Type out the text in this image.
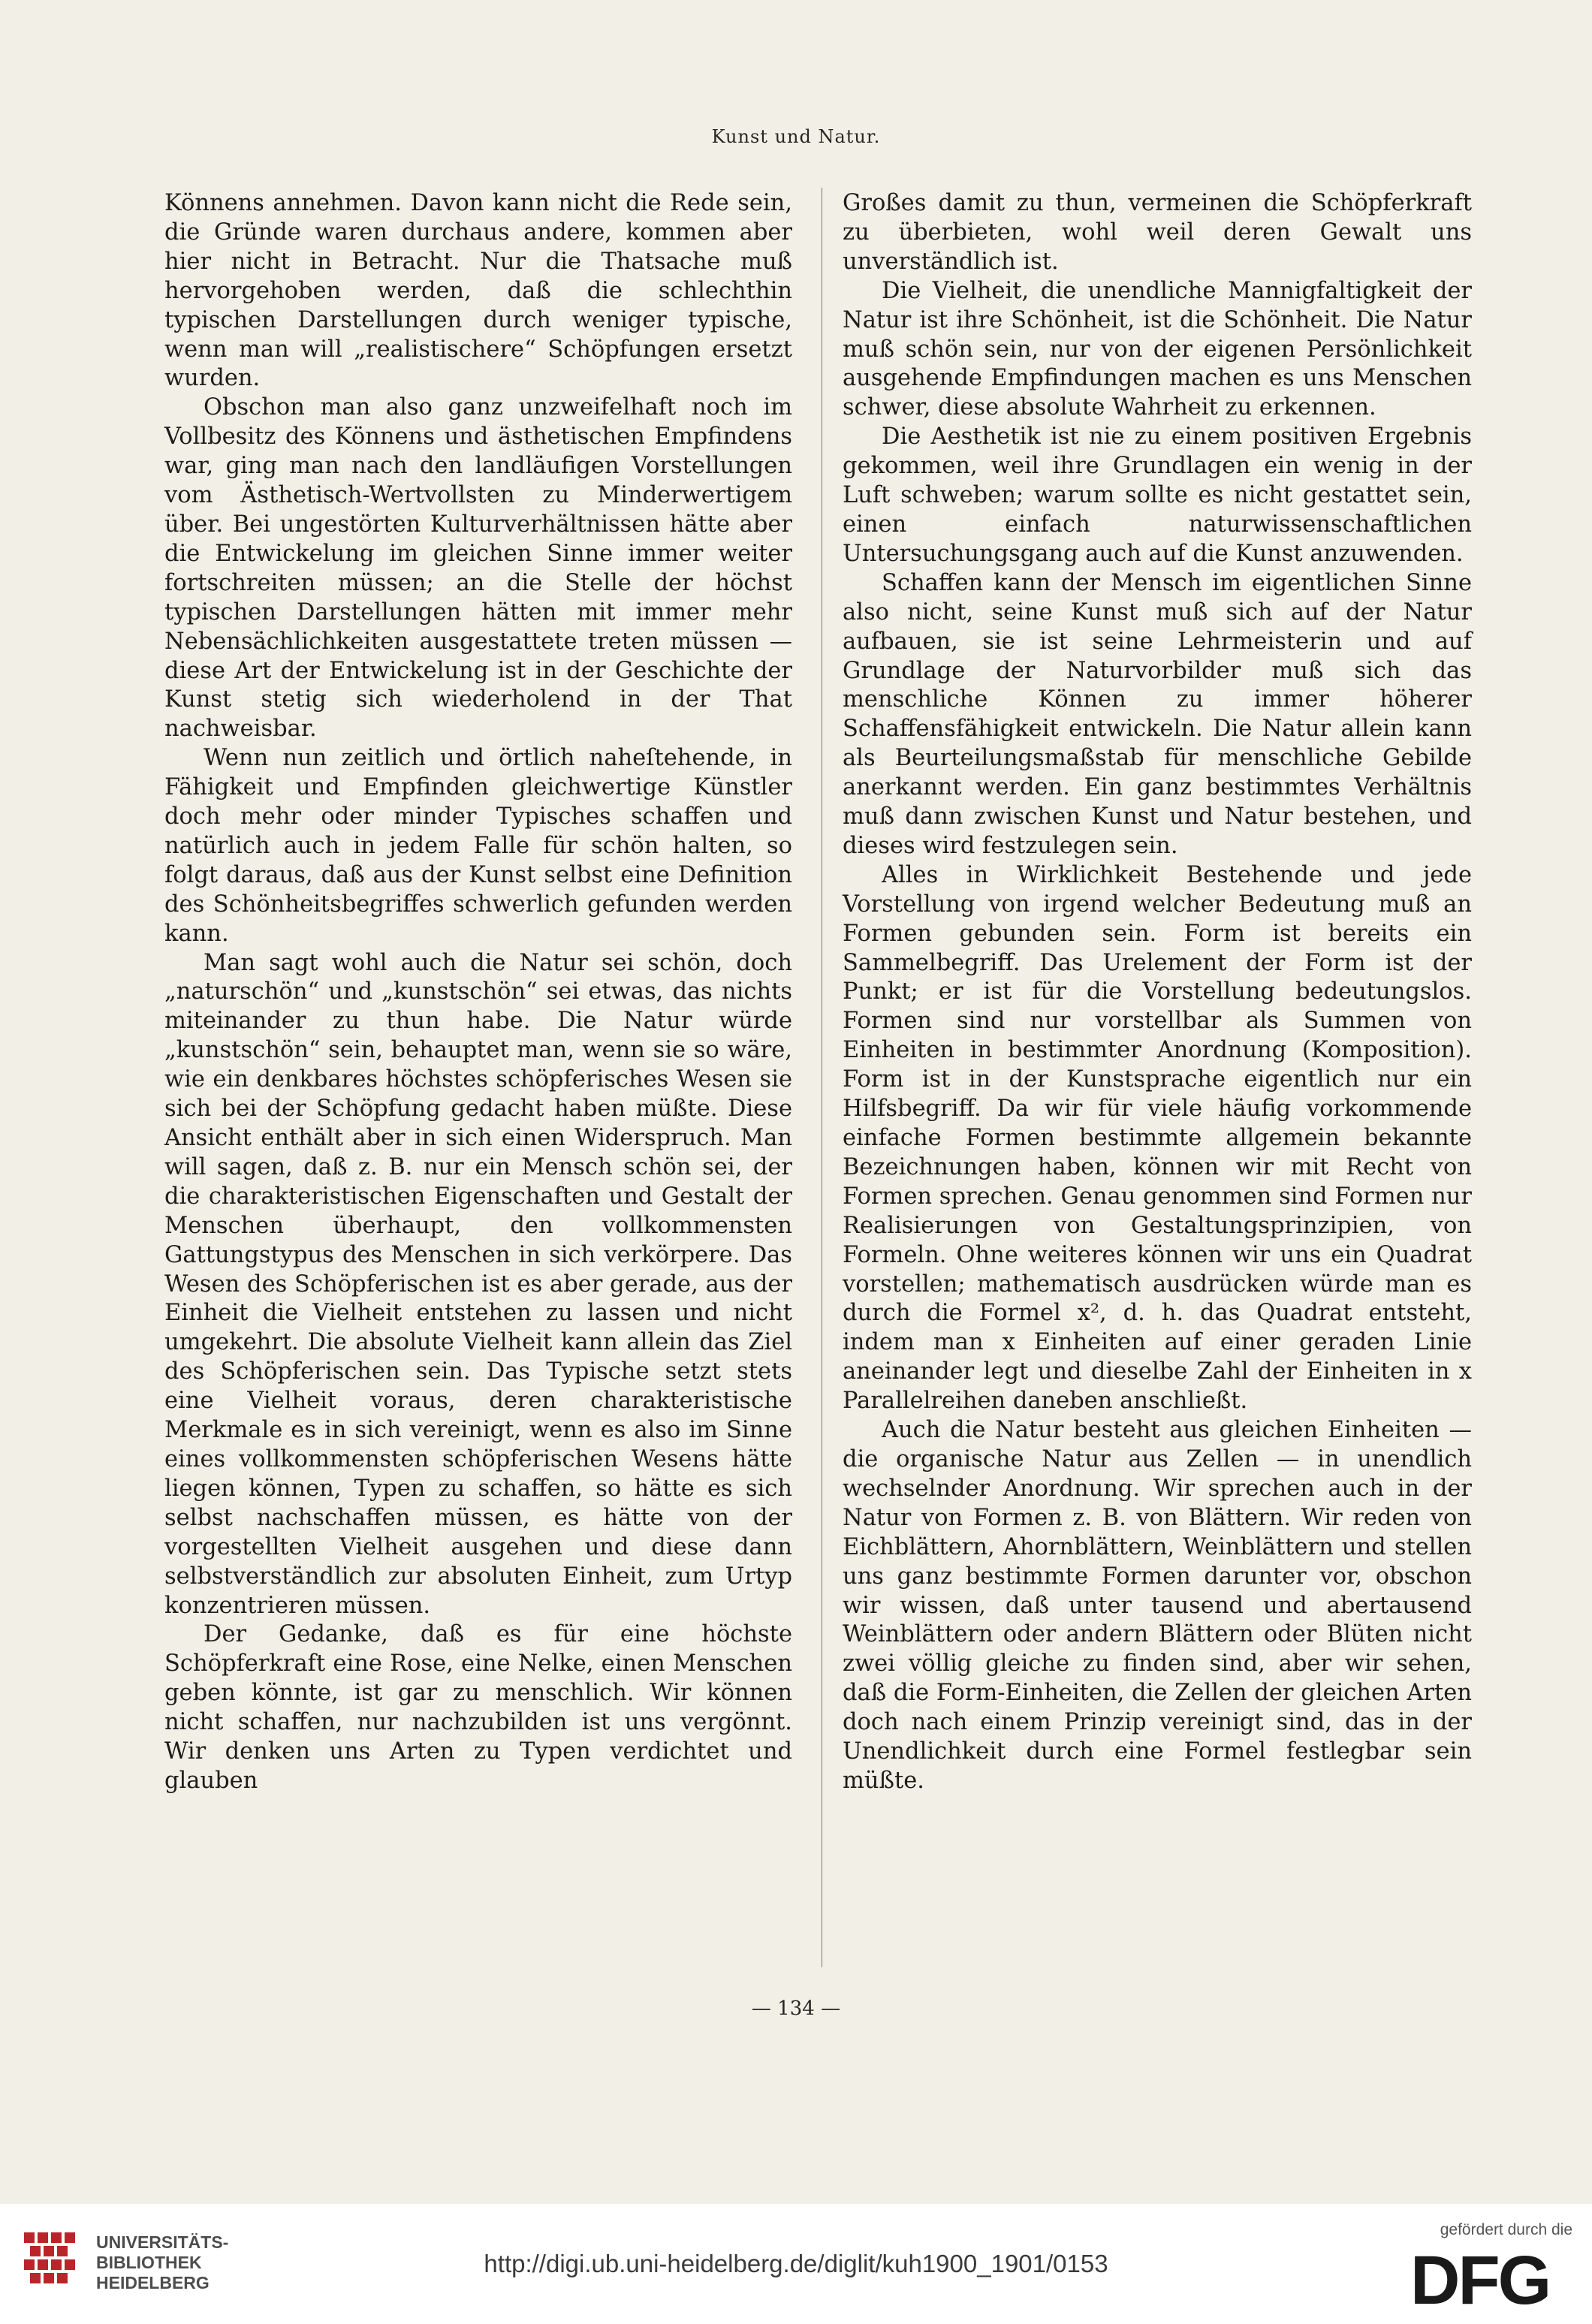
Kunst und Natur.

Könnens annehmen. Davon kann nicht die Rede sein, die Gründe waren durchaus andere, kommen aber hier nicht in Betracht. Nur die Thatsache muß hervorgehoben werden, daß die schlechthin typischen Darstellungen durch weniger typische, wenn man will „realistischere“ Schöpfungen ersetzt wurden.

Obschon man also ganz unzweifelhaft noch im Vollbesitz des Könnens und ästhetischen Empfindens war, ging man nach den landläufigen Vorstellungen vom Ästhetisch-Wertvollsten zu Minderwertigem über. Bei ungestörten Kulturverhältnissen hätte aber die Entwickelung im gleichen Sinne immer weiter fortschreiten müssen; an die Stelle der höchst typischen Darstellungen hätten mit immer mehr Nebensächlichkeiten ausgestattete treten müssen — diese Art der Entwickelung ist in der Geschichte der Kunst stetig sich wiederholend in der That nachweisbar.

Wenn nun zeitlich und örtlich naheſtehende, in Fähigkeit und Empfinden gleichwertige Künstler doch mehr oder minder Typisches schaffen und natürlich auch in jedem Falle für schön halten, so folgt daraus, daß aus der Kunst selbst eine Definition des Schönheitsbegriffes schwerlich gefunden werden kann.

Man sagt wohl auch die Natur sei schön, doch „naturschön“ und „kunstschön“ sei etwas, das nichts miteinander zu thun habe. Die Natur würde „kunstschön“ sein, behauptet man, wenn sie so wäre, wie ein denkbares höchstes schöpferisches Wesen sie sich bei der Schöpfung gedacht haben müßte. Diese Ansicht enthält aber in sich einen Widerspruch. Man will sagen, daß z. B. nur ein Mensch schön sei, der die charakteristischen Eigenschaften und Gestalt der Menschen überhaupt, den vollkommensten Gattungstypus des Menschen in sich verkörpere. Das Wesen des Schöpferischen ist es aber gerade, aus der Einheit die Vielheit entstehen zu lassen und nicht umgekehrt. Die absolute Vielheit kann allein das Ziel des Schöpferischen sein. Das Typische setzt stets eine Vielheit voraus, deren charakteristische Merkmale es in sich vereinigt, wenn es also im Sinne eines vollkommensten schöpferischen Wesens hätte liegen können, Typen zu schaffen, so hätte es sich selbst nachschaffen müssen, es hätte von der vorgestellten Vielheit ausgehen und diese dann selbstverständlich zur absoluten Einheit, zum Urtyp konzentrieren müssen.

Der Gedanke, daß es für eine höchste Schöpferkraft eine Rose, eine Nelke, einen Menschen geben könnte, ist gar zu menschlich. Wir können nicht schaffen, nur nachzubilden ist uns vergönnt. Wir denken uns Arten zu Typen verdichtet und glauben

Großes damit zu thun, vermeinen die Schöpferkraft zu überbieten, wohl weil deren Gewalt uns unverständlich ist.

Die Vielheit, die unendliche Mannigfaltigkeit der Natur ist ihre Schönheit, ist die Schönheit. Die Natur muß schön sein, nur von der eigenen Persönlichkeit ausgehende Empfindungen machen es uns Menschen schwer, diese absolute Wahrheit zu erkennen.

Die Aesthetik ist nie zu einem positiven Ergebnis gekommen, weil ihre Grundlagen ein wenig in der Luft schweben; warum sollte es nicht gestattet sein, einen einfach naturwissenschaftlichen Untersuchungsgang auch auf die Kunst anzuwenden.

Schaffen kann der Mensch im eigentlichen Sinne also nicht, seine Kunst muß sich auf der Natur aufbauen, sie ist seine Lehrmeisterin und auf Grundlage der Naturvorbilder muß sich das menschliche Können zu immer höherer Schaffensfähigkeit entwickeln. Die Natur allein kann als Beurteilungsmaßstab für menschliche Gebilde anerkannt werden. Ein ganz bestimmtes Verhältnis muß dann zwischen Kunst und Natur bestehen, und dieses wird festzulegen sein.

Alles in Wirklichkeit Bestehende und jede Vorstellung von irgend welcher Bedeutung muß an Formen gebunden sein. Form ist bereits ein Sammelbegriff. Das Urelement der Form ist der Punkt; er ist für die Vorstellung bedeutungslos. Formen sind nur vorstellbar als Summen von Einheiten in bestimmter Anordnung (Komposition). Form ist in der Kunstsprache eigentlich nur ein Hilfsbegriff. Da wir für viele häufig vorkommende einfache Formen bestimmte allgemein bekannte Bezeichnungen haben, können wir mit Recht von Formen sprechen. Genau genommen sind Formen nur Realisierungen von Gestaltungsprinzipien, von Formeln. Ohne weiteres können wir uns ein Quadrat vorstellen; mathematisch ausdrücken würde man es durch die Formel x², d. h. das Quadrat entsteht, indem man x Einheiten auf einer geraden Linie aneinander legt und dieselbe Zahl der Einheiten in x Parallelreihen daneben anschließt.

Auch die Natur besteht aus gleichen Einheiten — die organische Natur aus Zellen — in unendlich wechselnder Anordnung. Wir sprechen auch in der Natur von Formen z. B. von Blättern. Wir reden von Eichblättern, Ahornblättern, Weinblättern und stellen uns ganz bestimmte Formen darunter vor, obschon wir wissen, daß unter tausend und abertausend Weinblättern oder andern Blättern oder Blüten nicht zwei völlig gleiche zu finden sind, aber wir sehen, daß die Form-Einheiten, die Zellen der gleichen Arten doch nach einem Prinzip vereinigt sind, das in der Unendlichkeit durch eine Formel festlegbar sein müßte.

— 134 —
UNIVERSITÄTS-
BIBLIOTHEK
HEIDELBERG
http://digi.ub.uni-heidelberg.de/diglit/kuh1900_1901/0153
gefördert durch die
DFG
